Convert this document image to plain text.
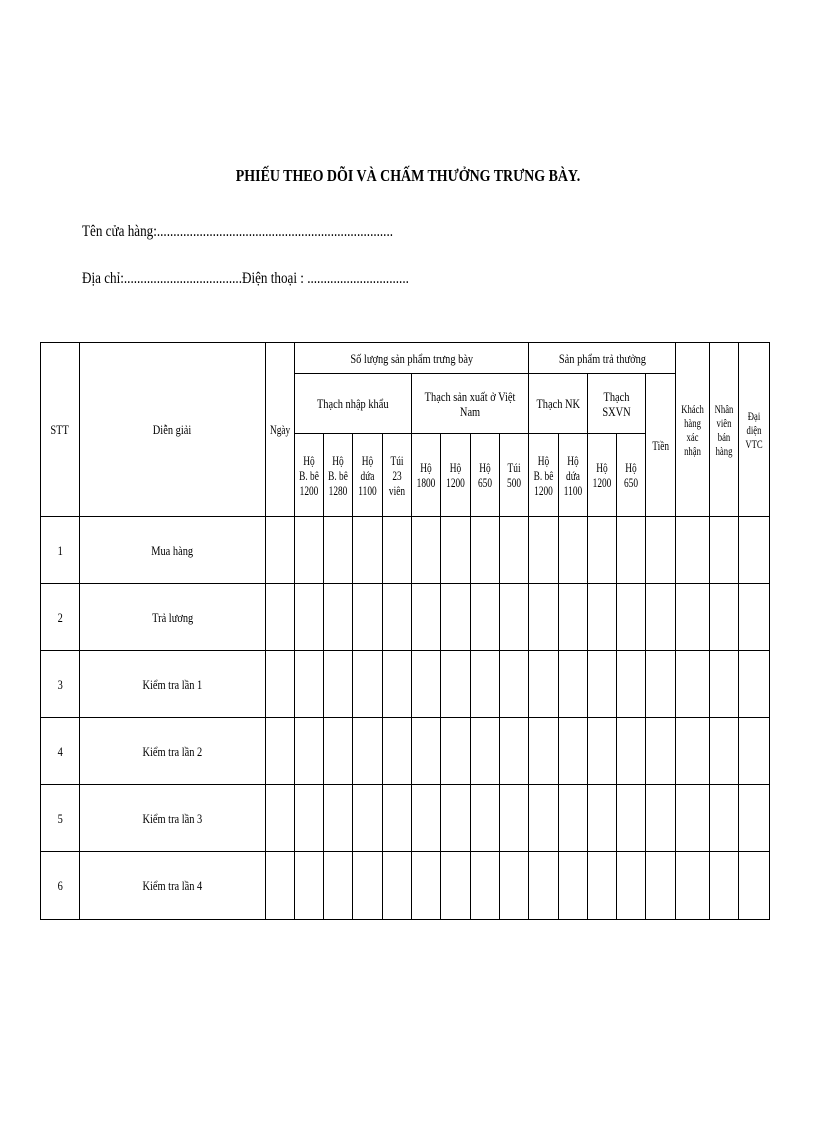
PHIẾU THEO DÕI VÀ CHẤM THƯỞNG TRƯNG BÀY.
Tên cửa hàng:........................................................................
Địa chỉ:....................................Điện thoại : ...............................
STT	Diễn giải	Ngày	Số lượng sản phẩm trưng bày								Sản phẩm trả thưởng					Khách hàng xác nhận	Nhân viên bán hàng	Đại diện VTC
			Thạch nhập khẩu				Thạch sản xuất ở Việt Nam				Thạch NK		Thạch SXVN		Tiền			
			Hộ B. bê 1200	Hộ B. bê 1280	Hộ dứa 1100	Túi 23 viên	Hộ 1800	Hộ 1200	Hộ 650	Túi 500	Hộ B. bê 1200	Hộ dứa 1100	Hộ 1200	Hộ 650				
1	Mua hàng																	
2	Trả lương																	
3	Kiểm tra lần 1																	
4	Kiểm tra lần 2																	
5	Kiểm tra lần 3																	
6	Kiểm tra lần 4																	
